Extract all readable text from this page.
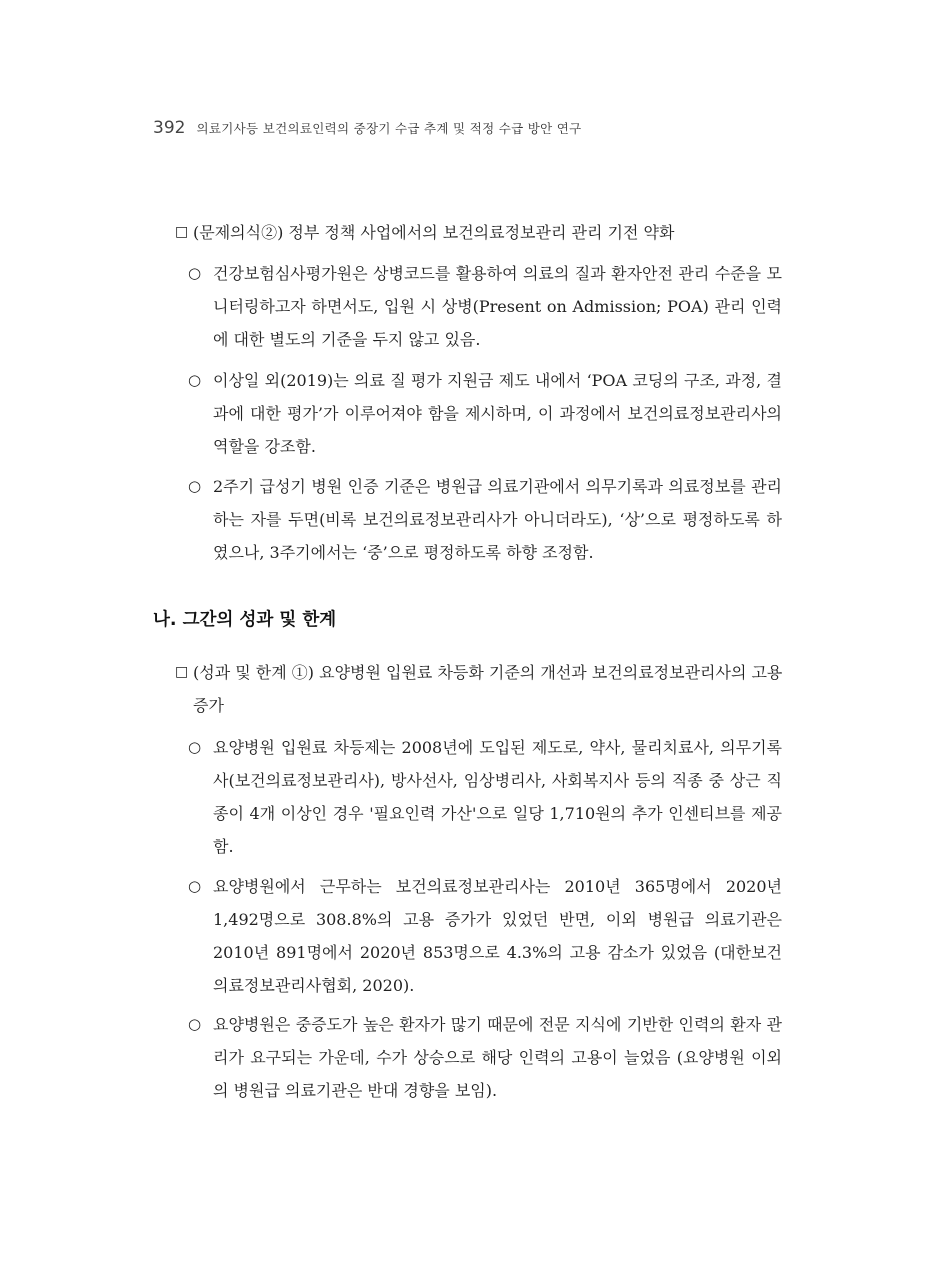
392 의료기사등 보건의료인력의 중장기 수급 추계 및 적정 수급 방안 연구
□ (문제의식②) 정부 정책 사업에서의 보건의료정보관리 관리 기전 약화
○ 건강보험심사평가원은 상병코드를 활용하여 의료의 질과 환자안전 관리 수준을 모니터링하고자 하면서도, 입원 시 상병(Present on Admission; POA) 관리 인력에 대한 별도의 기준을 두지 않고 있음.
○ 이상일 외(2019)는 의료 질 평가 지원금 제도 내에서 ‘POA 코딩의 구조, 과정, 결과에 대한 평가’가 이루어져야 함을 제시하며, 이 과정에서 보건의료정보관리사의 역할을 강조함.
○ 2주기 급성기 병원 인증 기준은 병원급 의료기관에서 의무기록과 의료정보를 관리하는 자를 두면(비록 보건의료정보관리사가 아니더라도), ‘상’으로 평정하도록 하였으나, 3주기에서는 ‘중’으로 평정하도록 하향 조정함.
나. 그간의 성과 및 한계
□ (성과 및 한계 ①) 요양병원 입원료 차등화 기준의 개선과 보건의료정보관리사의 고용 증가
○ 요양병원 입원료 차등제는 2008년에 도입된 제도로, 약사, 물리치료사, 의무기록사(보건의료정보관리사), 방사선사, 임상병리사, 사회복지사 등의 직종 중 상근 직종이 4개 이상인 경우 '필요인력 가산'으로 일당 1,710원의 추가 인센티브를 제공함.
○ 요양병원에서 근무하는 보건의료정보관리사는 2010년 365명에서 2020년 1,492명으로 308.8%의 고용 증가가 있었던 반면, 이외 병원급 의료기관은 2010년 891명에서 2020년 853명으로 4.3%의 고용 감소가 있었음 (대한보건의료정보관리사협회, 2020).
○ 요양병원은 중증도가 높은 환자가 많기 때문에 전문 지식에 기반한 인력의 환자 관리가 요구되는 가운데, 수가 상승으로 해당 인력의 고용이 늘었음 (요양병원 이외의 병원급 의료기관은 반대 경향을 보임).
